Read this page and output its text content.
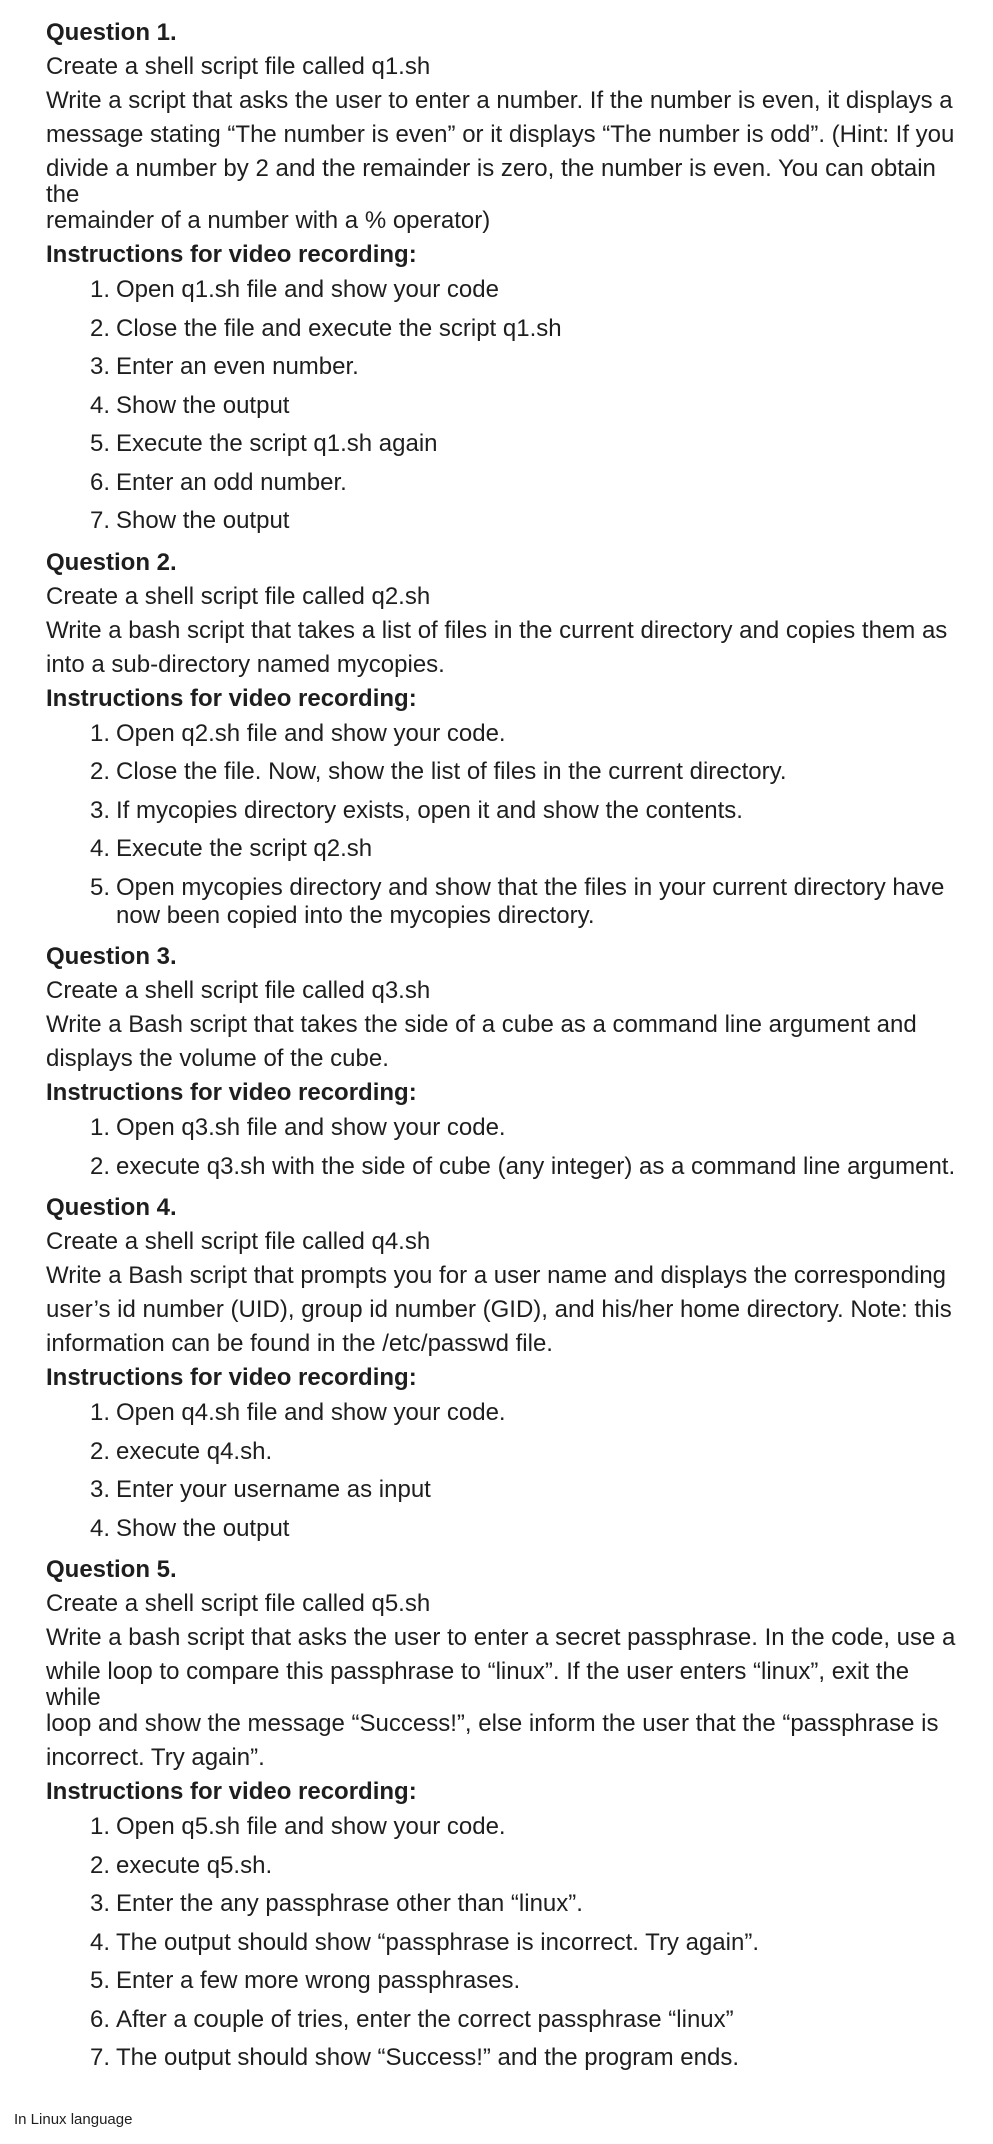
Question 1.
Create a shell script file called q1.sh
Write a script that asks the user to enter a number. If the number is even, it displays a
message stating “The number is even” or it displays “The number is odd”. (Hint: If you
divide a number by 2 and the remainder is zero, the number is even. You can obtain
the
remainder of a number with a % operator)
Instructions for video recording:
1. Open q1.sh file and show your code
2. Close the file and execute the script q1.sh
3. Enter an even number.
4. Show the output
5. Execute the script q1.sh again
6. Enter an odd number.
7. Show the output
Question 2.
Create a shell script file called q2.sh
Write a bash script that takes a list of files in the current directory and copies them as
into a sub-directory named mycopies.
Instructions for video recording:
1. Open q2.sh file and show your code.
2. Close the file. Now, show the list of files in the current directory.
3. If mycopies directory exists, open it and show the contents.
4. Execute the script q2.sh
5. Open mycopies directory and show that the files in your current directory have now been copied into the mycopies directory.
Question 3.
Create a shell script file called q3.sh
Write a Bash script that takes the side of a cube as a command line argument and
displays the volume of the cube.
Instructions for video recording:
1. Open q3.sh file and show your code.
2. execute q3.sh with the side of cube (any integer) as a command line argument.
Question 4.
Create a shell script file called q4.sh
Write a Bash script that prompts you for a user name and displays the corresponding
user’s id number (UID), group id number (GID), and his/her home directory. Note: this
information can be found in the /etc/passwd file.
Instructions for video recording:
1. Open q4.sh file and show your code.
2. execute q4.sh.
3. Enter your username as input
4. Show the output
Question 5.
Create a shell script file called q5.sh
Write a bash script that asks the user to enter a secret passphrase. In the code, use a
while loop to compare this passphrase to “linux”. If the user enters “linux”, exit the
while
loop and show the message “Success!”, else inform the user that the “passphrase is
incorrect. Try again”.
Instructions for video recording:
1. Open q5.sh file and show your code.
2. execute q5.sh.
3. Enter the any passphrase other than “linux”.
4. The output should show “passphrase is incorrect. Try again”.
5. Enter a few more wrong passphrases.
6. After a couple of tries, enter the correct passphrase “linux”
7. The output should show “Success!” and the program ends.
In Linux language
